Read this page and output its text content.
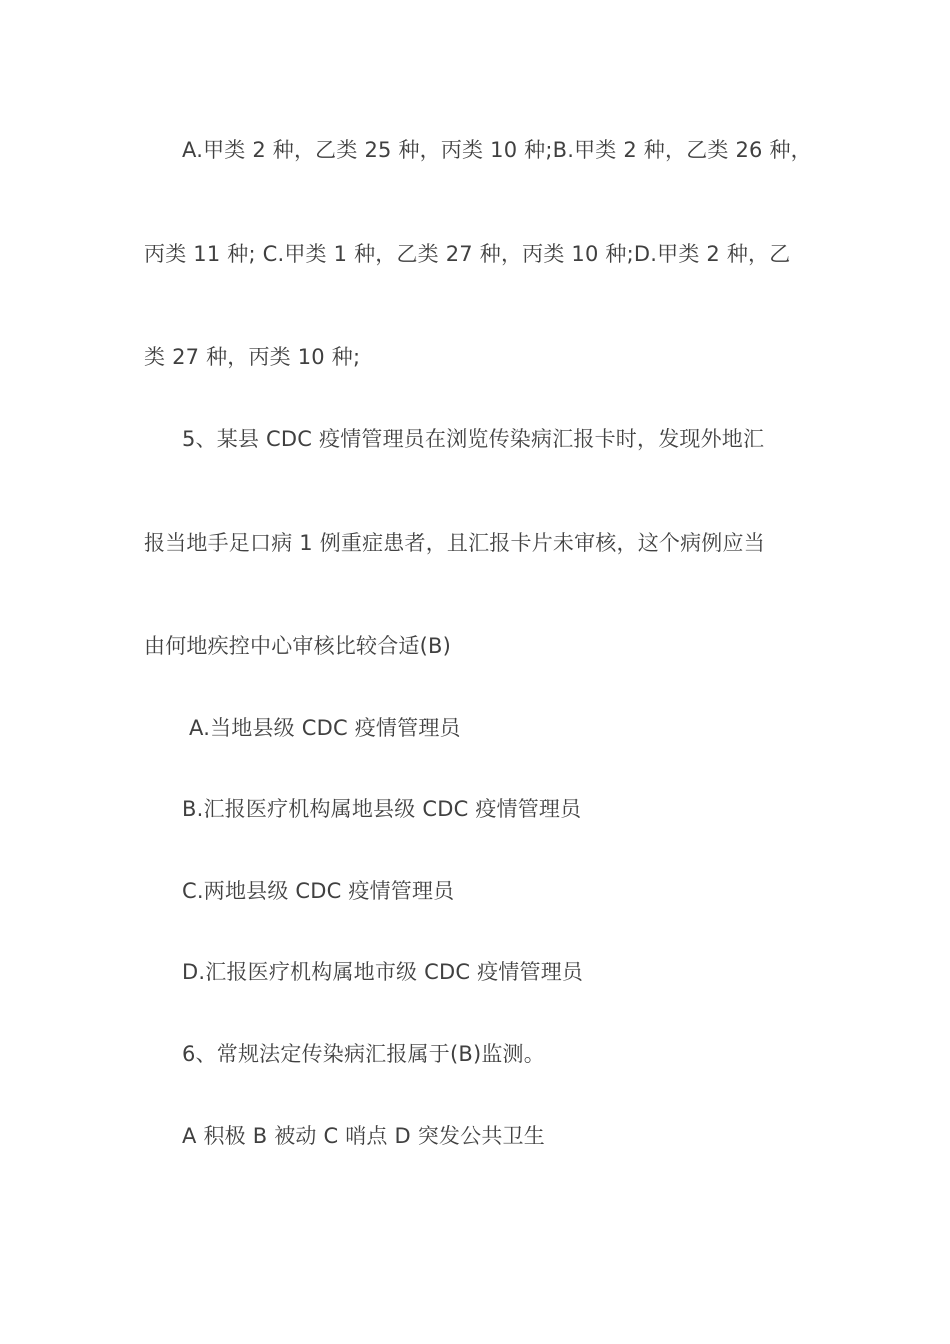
A.甲类 2 种，乙类 25 种，丙类 10 种;B.甲类 2 种，乙类 26 种，
丙类 11 种; C.甲类 1 种，乙类 27 种，丙类 10 种;D.甲类 2 种，乙
类 27 种，丙类 10 种;
5、某县 CDC 疫情管理员在浏览传染病汇报卡时，发现外地汇
报当地手足口病 1 例重症患者，且汇报卡片未审核，这个病例应当
由何地疾控中心审核比较合适(B)
A.当地县级 CDC 疫情管理员
B.汇报医疗机构属地县级 CDC 疫情管理员
C.两地县级 CDC 疫情管理员
D.汇报医疗机构属地市级 CDC 疫情管理员
6、常规法定传染病汇报属于(B)监测。
A 积极 B 被动 C 哨点 D 突发公共卫生
